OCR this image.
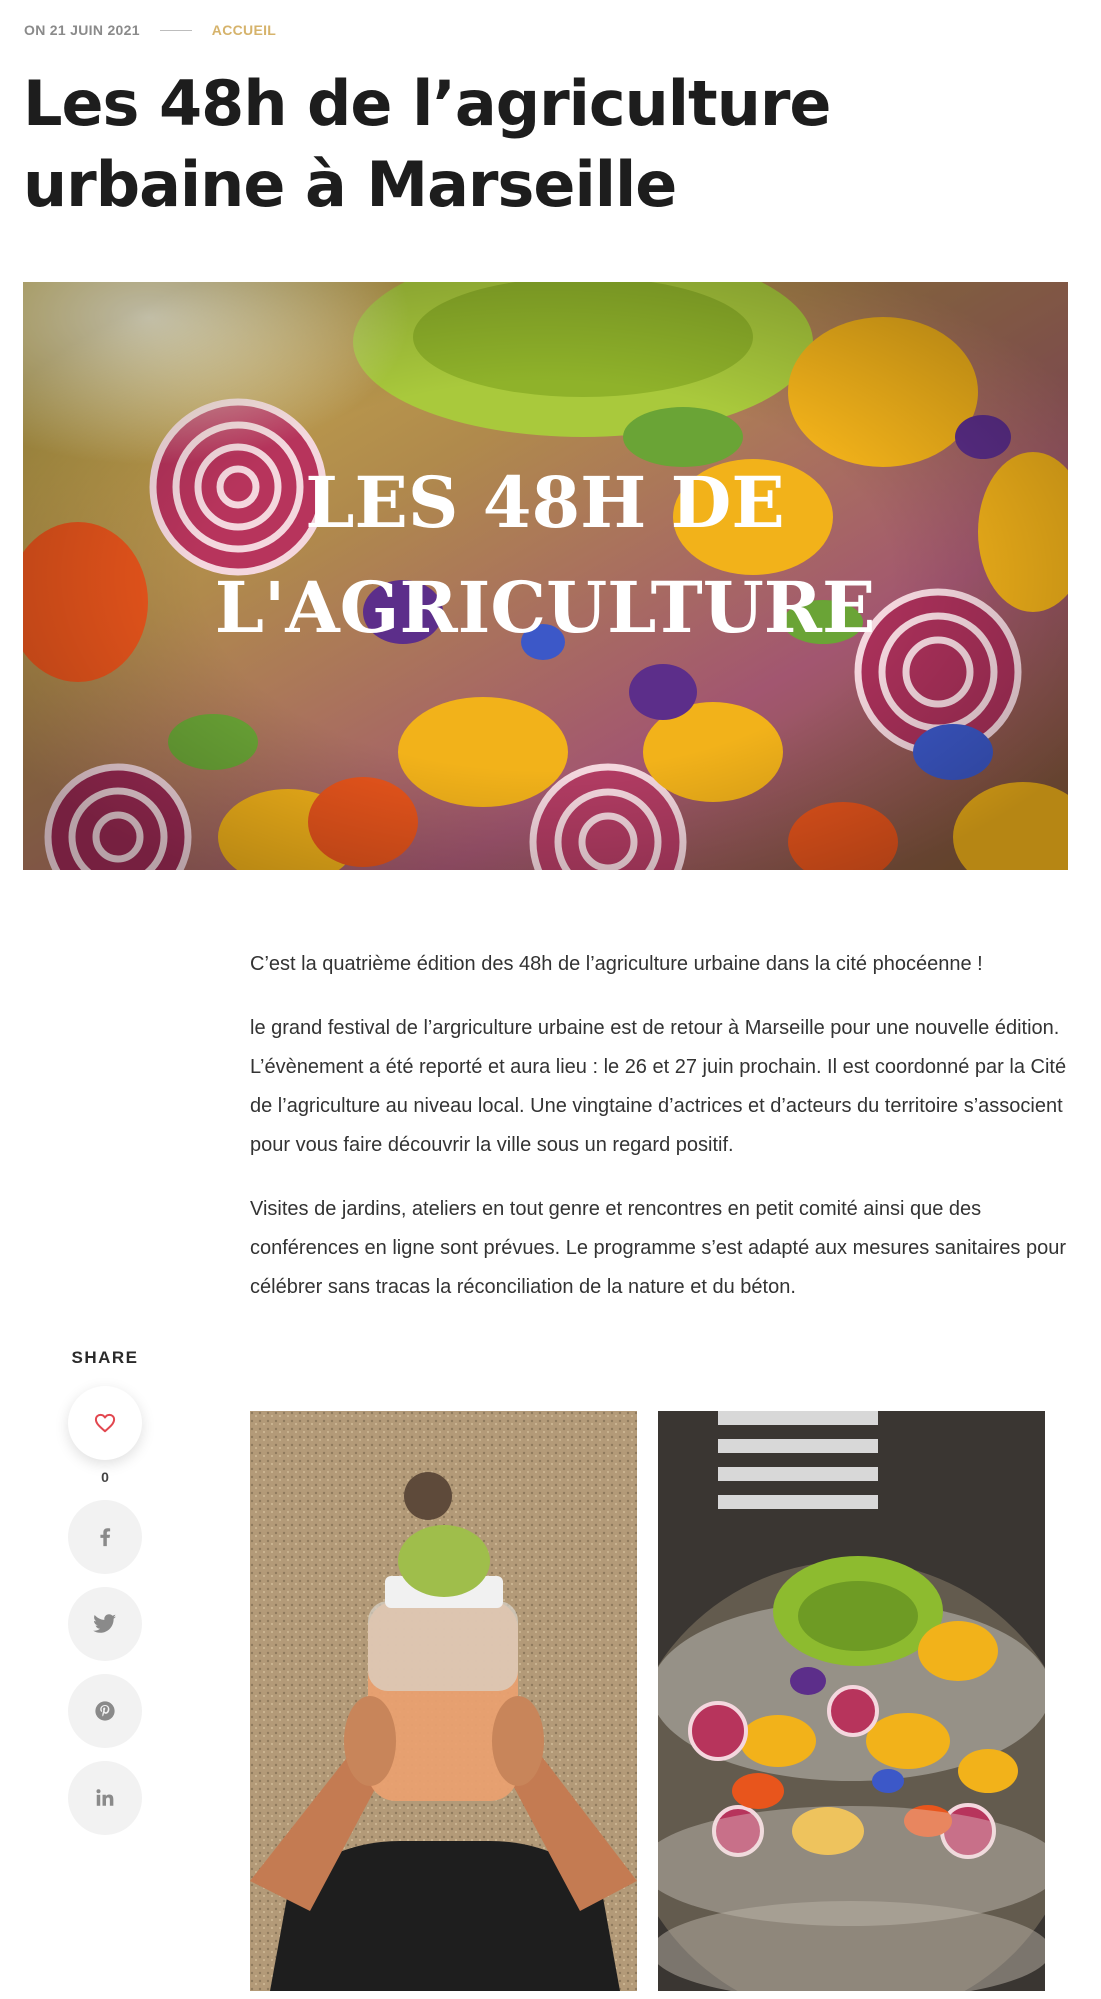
ON 21 JUIN 2021	ACCUEIL
Les 48h de l’agriculture urbaine à Marseille
LES 48H DE
L'AGRICULTURE

C’est la quatrième édition des 48h de l’agriculture urbaine dans la cité phocéenne !

le grand festival de l’argriculture urbaine est de retour à Marseille pour une nouvelle édition. L’évènement a été reporté et aura lieu : le 26 et 27 juin prochain. Il est coordonné par la Cité de l’agriculture au niveau local. Une vingtaine d’actrices et d’acteurs du territoire s’associent pour vous faire découvrir la ville sous un regard positif.

Visites de jardins, ateliers en tout genre et rencontres en petit comité ainsi que des conférences en ligne sont prévues. Le programme s’est adapté aux mesures sanitaires pour célébrer sans tracas la réconciliation de la nature et du béton.

SHARE
0
